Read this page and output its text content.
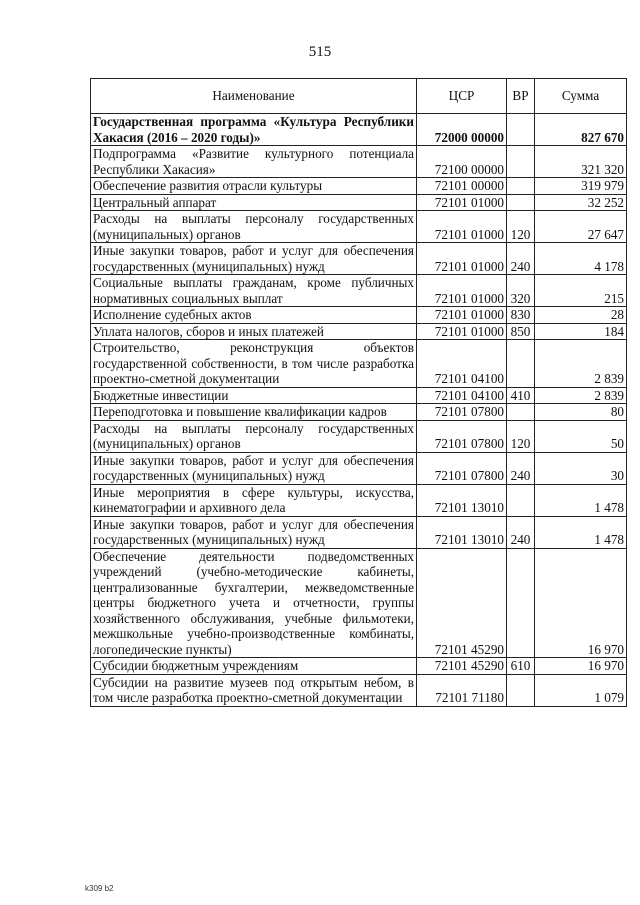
515
Наименование	ЦСР	ВР	Сумма
Государственная программа «Культура Республики Хакасия (2016 – 2020 годы)»	72000 00000		827 670
Подпрограмма «Развитие культурного потенциала Республики Хакасия»	72100 00000		321 320
Обеспечение развития отрасли культуры	72101 00000		319 979
Центральный аппарат	72101 01000		32 252
Расходы на выплаты персоналу государственных (муниципальных) органов	72101 01000	120	27 647
Иные закупки товаров, работ и услуг для обеспечения государственных (муниципальных) нужд	72101 01000	240	4 178
Социальные выплаты гражданам, кроме публичных нормативных социальных выплат	72101 01000	320	215
Исполнение судебных актов	72101 01000	830	28
Уплата налогов, сборов и иных платежей	72101 01000	850	184
Строительство, реконструкция объектов государственной собственности, в том числе разработка проектно-сметной документации	72101 04100		2 839
Бюджетные инвестиции	72101 04100	410	2 839
Переподготовка и повышение квалификации кадров	72101 07800		80
Расходы на выплаты персоналу государственных (муниципальных) органов	72101 07800	120	50
Иные закупки товаров, работ и услуг для обеспечения государственных (муниципальных) нужд	72101 07800	240	30
Иные мероприятия в сфере культуры, искусства, кинематографии и архивного дела	72101 13010		1 478
Иные закупки товаров, работ и услуг для обеспечения государственных (муниципальных) нужд	72101 13010	240	1 478
Обеспечение деятельности подведомственных учреждений (учебно-методические кабинеты, централизованные бухгалтерии, межведомственные центры бюджетного учета и отчетности, группы хозяйственного обслуживания, учебные фильмотеки, межшкольные учебно-производственные комбинаты, логопедические пункты)	72101 45290		16 970
Субсидии бюджетным учреждениям	72101 45290	610	16 970
Субсидии на развитие музеев под открытым небом, в том числе разработка проектно-сметной документации	72101 71180		1 079
k309 b2
